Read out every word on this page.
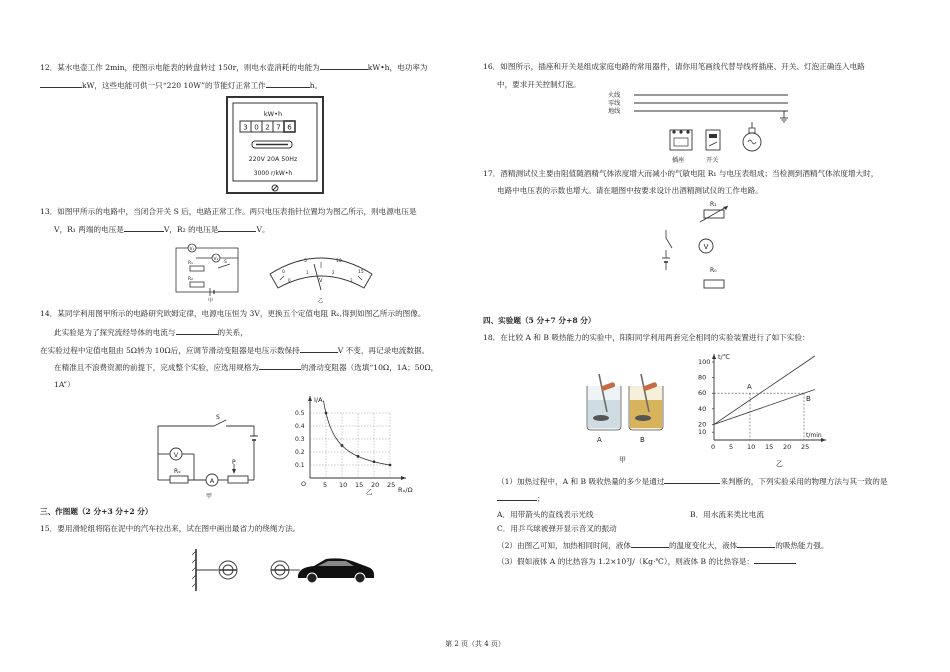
12．某水电壶工作 2min，使图示电能表的转盘转过 150r，则电水壶消耗的电能为	kW•h，电功率为
kW，这些电能可供一只“220 10W”的节能灯正常工作	h。
kW•h
3 0 2 7 6
220V 20A 50Hz
3000 r/kW•h
13．如图甲所示的电路中，当闭合开关 S 后，电路正常工作。两只电压表指针位置均为图乙所示，则电源电压是
V，R₁ 两端的电压是	V，R₂ 的电压是	V。
V₁
V₂
R₁	S
R₂
甲
0
5	10
15
0
1	2
3
V
乙
14．某同学利用图甲所示的电路研究欧姆定律，电源电压恒为 3V，更换五个定值电阻 Rₓ,得到如图乙所示的图像。
此实验是为了探究流经导体的电流与	的关系，
在实验过程中定值电阻由 5Ω转为 10Ω后，应调节滑动变阻器是电压示数保持	V 不变，再记录电流数据。
在精准且不浪费资源的前提下，完成整个实验，应选用规格为	的滑动变阻器（选填“10Ω，1A；50Ω，
1A”）
S
V
Rₓ
A
P
甲
I/A
Rₓ/Ω
O
0.1
0.2
0.3
0.4
0.5
5 10 15 20 25
乙
三、作图题（2 分+3 分+2 分）
15．要用滑轮组将陷在泥中的汽车拉出来，试在图中画出最省力的绕绳方法。
16．如图所示，插座和开关是组成家庭电路的常用器件，请你用笔画线代替导线将插座、开关、灯泡正确连入电路
中，要求开关控制灯泡。
火线
零线
地线
插座	开关
17．酒精测试仪主要由阻值随酒精气体浓度增大而减小的气敏电阻 R₁ 与电压表组成；当检测到酒精气体浓度增大时，
电路中电压表的示数也增大。请在题图中按要求设计出酒精测试仪的工作电路。
R₁
V
R₀
四、实验题（5 分+7 分+8 分）
18．在比较 A 和 B 吸热能力的实验中，阳阳同学利用两套完全相同的实验装置进行了如下实验：
A	B
甲
t/℃
t/min
10
20
40
60
80
100
0 5 10 15 20 25
A
B
乙
（1）加热过程中，A 和 B 吸收热量的多少是通过	来判断的，下列实验采用的物理方法与其一致的是
；
A．用带箭头的直线表示光线	B．用水流来类比电流
C．用乒乓球被弹开显示音叉的振动
（2）由图乙可知，加热相同时间，液体	的温度变化大，液体	的吸热能力强。
（3）假如液体 A 的比热容为 1.2×10³J/（Kg·℃），则液体 B 的比热容是：
第 2 页（共 4 页）
